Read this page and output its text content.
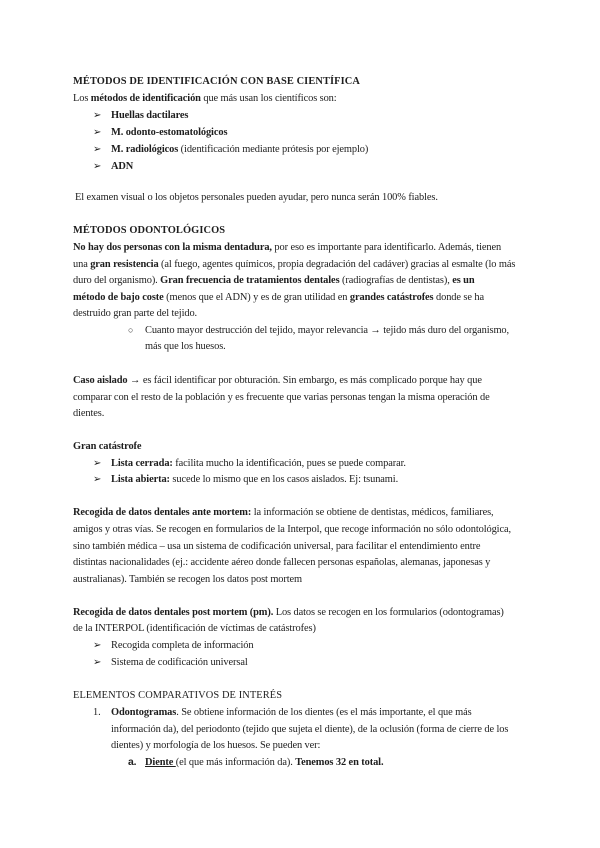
MÉTODOS DE IDENTIFICACIÓN CON BASE CIENTÍFICA
Los métodos de identificación que más usan los científicos son:
➢ Huellas dactilares
➢ M. odonto-estomatológicos
➢ M. radiológicos (identificación mediante prótesis por ejemplo)
➢ ADN
El examen visual o los objetos personales pueden ayudar, pero nunca serán 100% fiables.
MÉTODOS ODONTOLÓGICOS
No hay dos personas con la misma dentadura, por eso es importante para identificarlo. Además, tienen
una gran resistencia (al fuego, agentes químicos, propia degradación del cadáver) gracias al esmalte (lo más
duro del organismo). Gran frecuencia de tratamientos dentales (radiografías de dentistas), es un
método de bajo coste (menos que el ADN) y es de gran utilidad en grandes catástrofes donde se ha
destruido gran parte del tejido.
○ Cuanto mayor destrucción del tejido, mayor relevancia → tejido más duro del organismo,
más que los huesos.
Caso aislado → es fácil identificar por obturación. Sin embargo, es más complicado porque hay que
comparar con el resto de la población y es frecuente que varias personas tengan la misma operación de
dientes.
Gran catástrofe
➢ Lista cerrada: facilita mucho la identificación, pues se puede comparar.
➢ Lista abierta: sucede lo mismo que en los casos aislados. Ej: tsunami.
Recogida de datos dentales ante mortem: la información se obtiene de dentistas, médicos, familiares,
amigos y otras vías. Se recogen en formularios de la Interpol, que recoge información no sólo odontológica,
sino también médica – usa un sistema de codificación universal, para facilitar el entendimiento entre
distintas nacionalidades (ej.: accidente aéreo donde fallecen personas españolas, alemanas, japonesas y
australianas). También se recogen los datos post mortem
Recogida de datos dentales post mortem (pm). Los datos se recogen en los formularios (odontogramas)
de la INTERPOL (identificación de víctimas de catástrofes)
➢ Recogida completa de información
➢ Sistema de codificación universal
ELEMENTOS COMPARATIVOS DE INTERÉS
1. Odontogramas. Se obtiene información de los dientes (es el más importante, el que más
información da), del periodonto (tejido que sujeta el diente), de la oclusión (forma de cierre de los
dientes) y morfología de los huesos. Se pueden ver:
a. Diente (el que más información da). Tenemos 32 en total.
